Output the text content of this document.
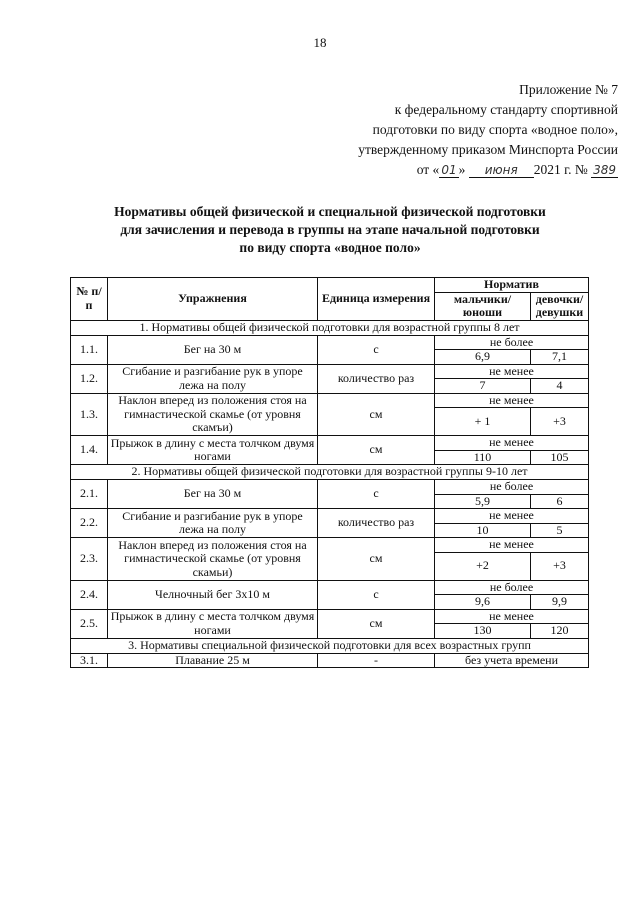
18
Приложение № 7
к федеральному стандарту спортивной
подготовки по виду спорта «водное поло»,
утвержденному приказом Минспорта России
от « 01 » июня 2021 г. № 389
Нормативы общей физической и специальной физической подготовки
для зачисления и перевода в группы на этапе начальной подготовки
по виду спорта «водное поло»
№ п/п	Упражнения	Единица измерения	Норматив	
			мальчики/ юноши	девочки/ девушки
1. Нормативы общей физической подготовки для возрастной группы 8 лет				
1.1.	Бег на 30 м	с	не более	
			6,9	7,1
1.2.	Сгибание и разгибание рук в упоре лежа на полу	количество раз	не менее	
			7	4
1.3.	Наклон вперед из положения стоя на гимнастической скамье (от уровня скамъи)	см	не менее	
			+ 1	+3
1.4.	Прыжок в длину с места толчком двумя ногами	см	не менее	
			110	105
2. Нормативы общей физической подготовки для возрастной группы 9-10 лет				
2.1.	Бег на 30 м	с	не более	
			5,9	6
2.2.	Сгибание и разгибание рук в упоре лежа на полу	количество раз	не менее	
			10	5
2.3.	Наклон вперед из положения стоя на гимнастической скамье (от уровня скамьи)	см	не менее	
			+2	+3
2.4.	Челночный бег 3x10 м	с	не более	
			9,6	9,9
2.5.	Прыжок в длину с места толчком двумя ногами	см	не менее	
			130	120
3. Нормативы специальной физической подготовки для всех возрастных групп				
3.1.	Плавание 25 м	-	без учета времени	
